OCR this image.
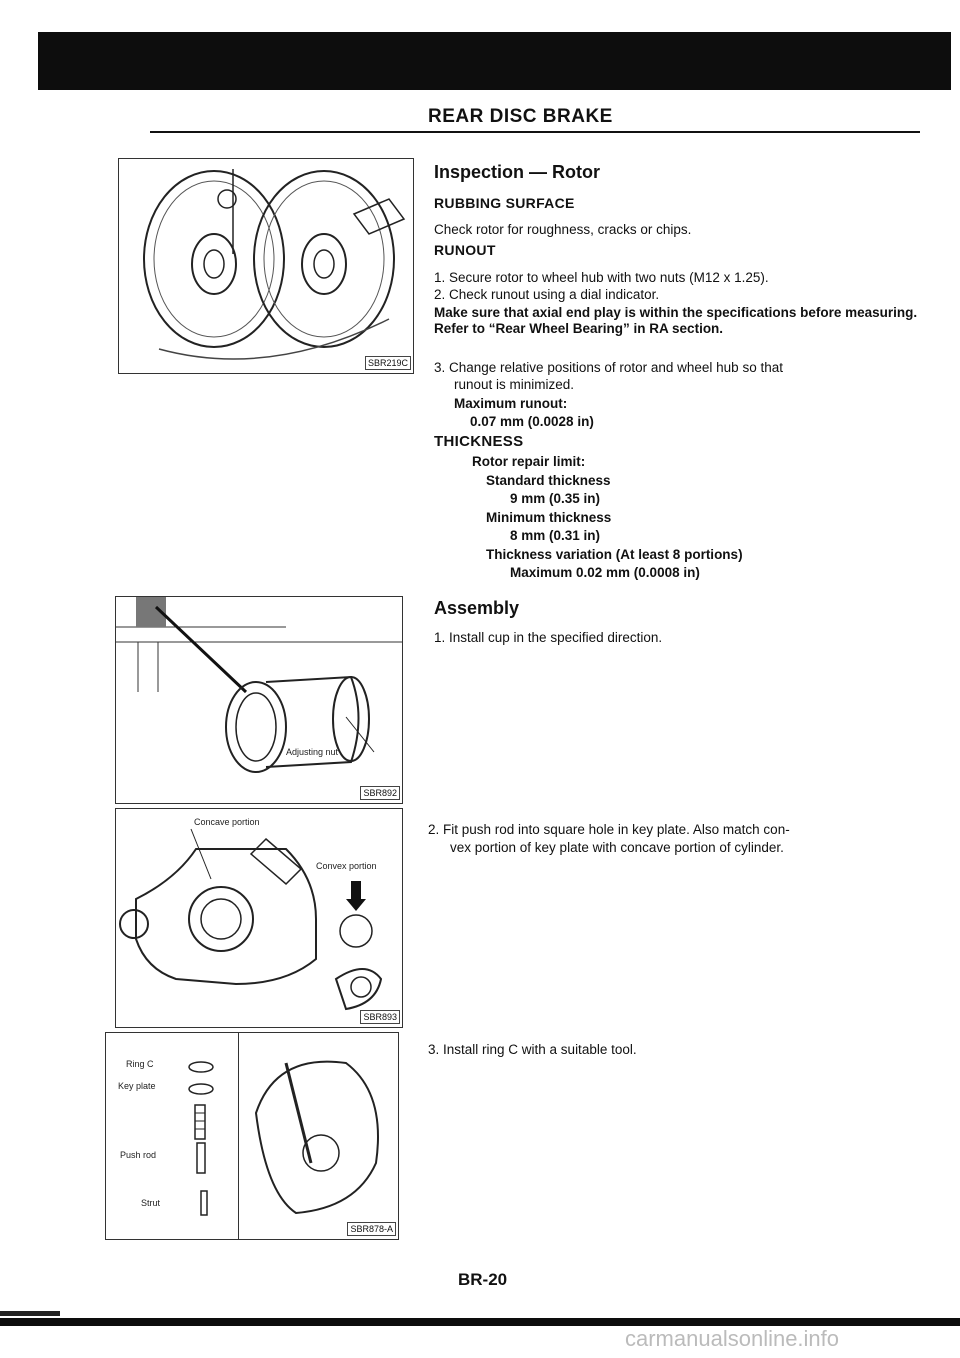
REAR DISC BRAKE
SBR219C
Adjusting nut
SBR892
Concave portion
Convex portion
SBR893
Ring C
Key plate
Push rod
Strut
SBR878-A
Inspection — Rotor
RUBBING SURFACE
Check rotor for roughness, cracks or chips.
RUNOUT
1. Secure rotor to wheel hub with two nuts (M12 x 1.25).
2. Check runout using a dial indicator.
Make sure that axial end play is within the specifications before measuring. Refer to “Rear Wheel Bearing” in RA section.
3. Change relative positions of rotor and wheel hub so that
runout is minimized.
Maximum runout:
0.07 mm (0.0028 in)
THICKNESS
Rotor repair limit:
Standard thickness
9 mm (0.35 in)
Minimum thickness
8 mm (0.31 in)
Thickness variation (At least 8 portions)
Maximum 0.02 mm (0.0008 in)
Assembly
1. Install cup in the specified direction.
2. Fit push rod into square hole in key plate. Also match con-
vex portion of key plate with concave portion of cylinder.
3. Install ring C with a suitable tool.
BR-20
carmanualsonline.info
